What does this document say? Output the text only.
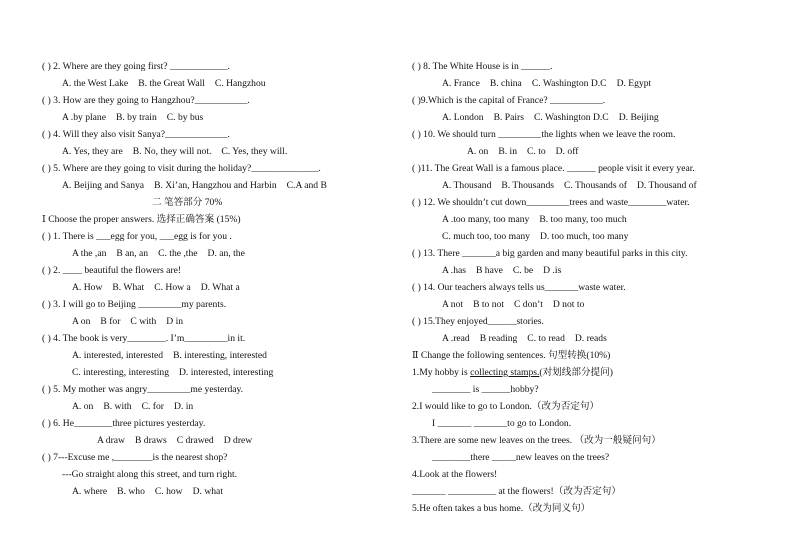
( ) 2. Where are they going first? ____________.
A. the West Lake B. the Great Wall C. Hangzhou
( ) 3. How are they going to Hangzhou?___________.
A .by plane B. by train C. by bus
( ) 4. Will they also visit Sanya?_____________.
A. Yes, they are B. No, they will not. C. Yes, they will.
( ) 5. Where are they going to visit during the holiday?______________.
A. Beijing and Sanya B. Xi’an, Hangzhou and Harbin C.A and B
二 笔答部分 70%
Ⅰ Choose the proper answers. 选择正确答案 (15%)
( ) 1. There is ___egg for you, ___egg is for you .
A the ,an B an, an C. the ,the D. an, the
( ) 2. ____ beautiful the flowers are!
A. How B. What C. How a D. What a
( ) 3. I will go to Beijing _________my parents.
A on B for C with D in
( ) 4. The book is very________. I’m_________in it.
A. interested, interested B. interesting, interested
C. interesting, interesting D. interested, interesting
( ) 5. My mother was angry_________me yesterday.
A. on B. with C. for D. in
( ) 6. He________three pictures yesterday.
A draw B draws C drawed D drew
( ) 7---Excuse me ,________is the nearest shop?
---Go straight along this street, and turn right.
A. where B. who C. how D. what
( ) 8. The White House is in ______.
A. France B. china C. Washington D.C D. Egypt
( )9.Which is the capital of France? ___________.
A. London B. Pairs C. Washington D.C D. Beijing
( ) 10. We should turn _________the lights when we leave the room.
A. on B. in C. to D. off
( )11. The Great Wall is a famous place. ______ people visit it every year.
A. Thousand B. Thousands C. Thousands of D. Thousand of
( ) 12. We shouldn’t cut down_________trees and waste________water.
A .too many, too many B. too many, too much
C. much too, too many D. too much, too many
( ) 13. There _______a big garden and many beautiful parks in this city.
A .has B have C. be D .is
( ) 14. Our teachers always tells us_______waste water.
A not B to not C don’t D not to
( ) 15.They enjoyed______stories.
A .read B reading C. to read D. reads
Ⅱ Change the following sentences. 句型转换(10%)
1.My hobby is collecting stamps.(对划线部分提问)
________ is ______hobby?
2.I would like to go to London.（改为否定句）
I _______ _______to go to London.
3.There are some new leaves on the trees. （改为一般疑问句）
________there _____new leaves on the trees?
4.Look at the flowers!
_______ __________ at the flowers!（改为否定句）
5.He often takes a bus home.（改为同义句）
